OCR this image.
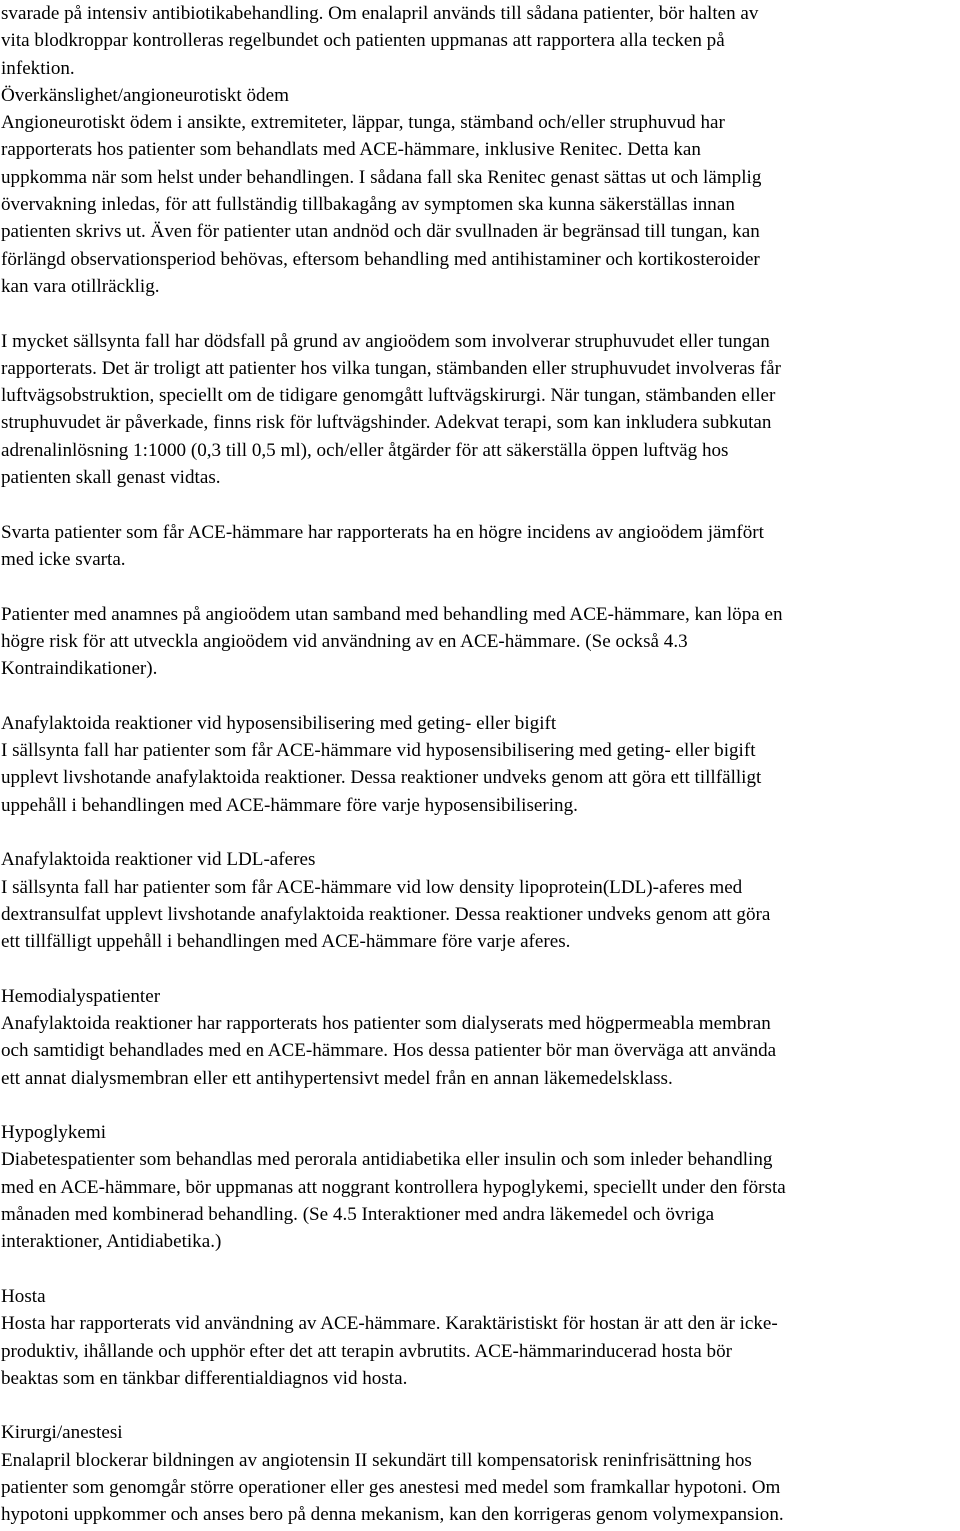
svarade på intensiv antibiotikabehandling. Om enalapril används till sådana patienter, bör halten av
vita blodkroppar kontrolleras regelbundet och patienten uppmanas att rapportera alla tecken på
infektion.
Överkänslighet/angioneurotiskt ödem
Angioneurotiskt ödem i ansikte, extremiteter, läppar, tunga, stämband och/eller struphuvud har
rapporterats hos patienter som behandlats med ACE-hämmare, inklusive Renitec. Detta kan
uppkomma när som helst under behandlingen. I sådana fall ska Renitec genast sättas ut och lämplig
övervakning inledas, för att fullständig tillbakagång av symptomen ska kunna säkerställas innan
patienten skrivs ut. Även för patienter utan andnöd och där svullnaden är begränsad till tungan, kan
förlängd observationsperiod behövas, eftersom behandling med antihistaminer och kortikosteroider
kan vara otillräcklig.
I mycket sällsynta fall har dödsfall på grund av angioödem som involverar struphuvudet eller tungan
rapporterats. Det är troligt att patienter hos vilka tungan, stämbanden eller struphuvudet involveras får
luftvägsobstruktion, speciellt om de tidigare genomgått luftvägskirurgi. När tungan, stämbanden eller
struphuvudet är påverkade, finns risk för luftvägshinder. Adekvat terapi, som kan inkludera subkutan
adrenalinlösning 1:1000 (0,3 till 0,5 ml), och/eller åtgärder för att säkerställa öppen luftväg hos
patienten skall genast vidtas.
Svarta patienter som får ACE-hämmare har rapporterats ha en högre incidens av angioödem jämfört
med icke svarta.
Patienter med anamnes på angioödem utan samband med behandling med ACE-hämmare, kan löpa en
högre risk för att utveckla angioödem vid användning av en ACE-hämmare. (Se också 4.3
Kontraindikationer).
Anafylaktoida reaktioner vid hyposensibilisering med geting- eller bigift
I sällsynta fall har patienter som får ACE-hämmare vid hyposensibilisering med geting- eller bigift
upplevt livshotande anafylaktoida reaktioner. Dessa reaktioner undveks genom att göra ett tillfälligt
uppehåll i behandlingen med ACE-hämmare före varje hyposensibilisering.
Anafylaktoida reaktioner vid LDL-aferes
I sällsynta fall har patienter som får ACE-hämmare vid low density lipoprotein(LDL)-aferes med
dextransulfat upplevt livshotande anafylaktoida reaktioner. Dessa reaktioner undveks genom att göra
ett tillfälligt uppehåll i behandlingen med ACE-hämmare före varje aferes.
Hemodialyspatienter
Anafylaktoida reaktioner har rapporterats hos patienter som dialyserats med högpermeabla membran
och samtidigt behandlades med en ACE-hämmare. Hos dessa patienter bör man överväga att använda
ett annat dialysmembran eller ett antihypertensivt medel från en annan läkemedelsklass.
Hypoglykemi
Diabetespatienter som behandlas med perorala antidiabetika eller insulin och som inleder behandling
med en ACE-hämmare, bör uppmanas att noggrant kontrollera hypoglykemi, speciellt under den första
månaden med kombinerad behandling. (Se 4.5 Interaktioner med andra läkemedel och övriga
interaktioner, Antidiabetika.)
Hosta
Hosta har rapporterats vid användning av ACE-hämmare. Karaktäristiskt för hostan är att den är icke-
produktiv, ihållande och upphör efter det att terapin avbrutits. ACE-hämmarinducerad hosta bör
beaktas som en tänkbar differentialdiagnos vid hosta.
Kirurgi/anestesi
Enalapril blockerar bildningen av angiotensin II sekundärt till kompensatorisk reninfrisättning hos
patienter som genomgår större operationer eller ges anestesi med medel som framkallar hypotoni. Om
hypotoni uppkommer och anses bero på denna mekanism, kan den korrigeras genom volymexpansion.
